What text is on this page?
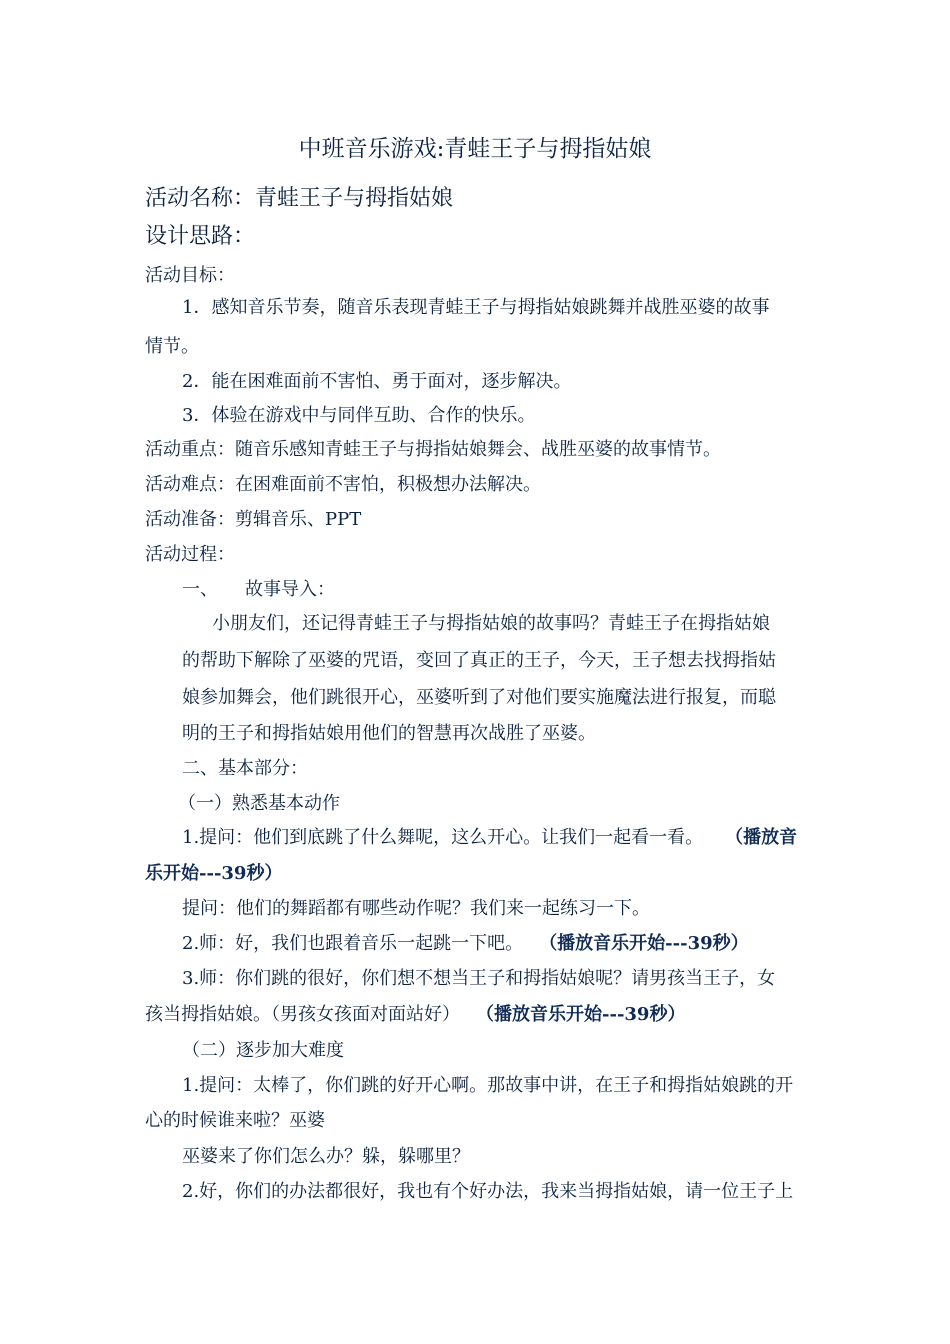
中班音乐游戏:青蛙王子与拇指姑娘
活动名称：青蛙王子与拇指姑娘
设计思路：
活动目标：
1．感知音乐节奏，随音乐表现青蛙王子与拇指姑娘跳舞并战胜巫婆的故事
情节。
2．能在困难面前不害怕、勇于面对，逐步解决。
3．体验在游戏中与同伴互助、合作的快乐。
活动重点：随音乐感知青蛙王子与拇指姑娘舞会、战胜巫婆的故事情节。
活动难点：在困难面前不害怕，积极想办法解决。
活动准备：剪辑音乐、PPT
活动过程：
一、　　故事导入：
小朋友们，还记得青蛙王子与拇指姑娘的故事吗？青蛙王子在拇指姑娘
的帮助下解除了巫婆的咒语，变回了真正的王子，今天，王子想去找拇指姑
娘参加舞会，他们跳很开心，巫婆听到了对他们要实施魔法进行报复，而聪
明的王子和拇指姑娘用他们的智慧再次战胜了巫婆。
二、基本部分：
（一）熟悉基本动作
1.提问：他们到底跳了什么舞呢，这么开心。让我们一起看一看。 （播放音
乐开始---39秒）
提问：他们的舞蹈都有哪些动作呢？我们来一起练习一下。
2.师：好，我们也跟着音乐一起跳一下吧。 （播放音乐开始---39秒）
3.师：你们跳的很好，你们想不想当王子和拇指姑娘呢？请男孩当王子，女
孩当拇指姑娘。（男孩女孩面对面站好） （播放音乐开始---39秒）
（二）逐步加大难度
1.提问：太棒了，你们跳的好开心啊。那故事中讲，在王子和拇指姑娘跳的开
心的时候谁来啦？巫婆
巫婆来了你们怎么办？躲，躲哪里？
2.好，你们的办法都很好，我也有个好办法，我来当拇指姑娘，请一位王子上
